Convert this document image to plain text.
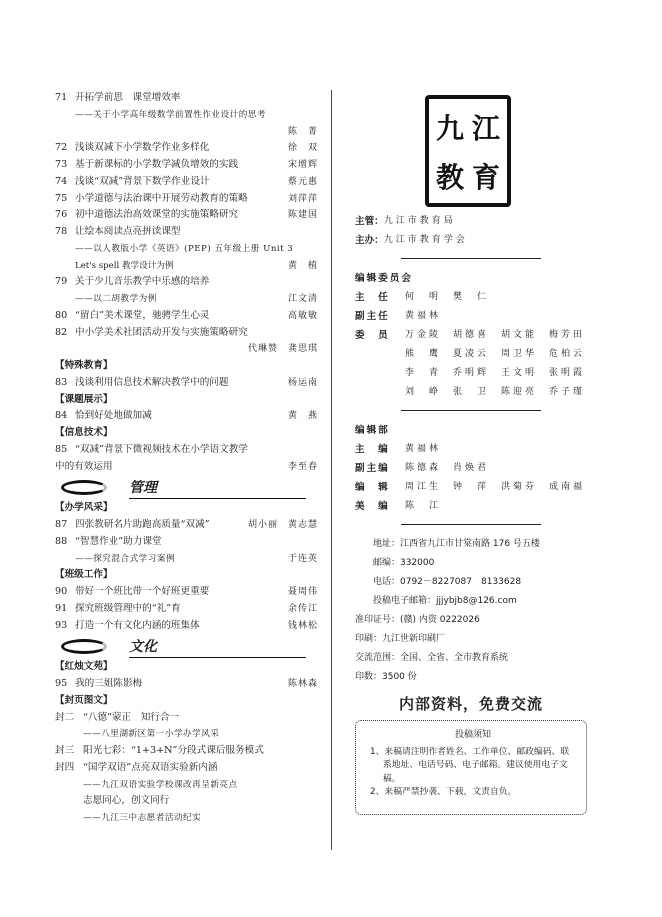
71 开拓学前思　课堂增效率
——关于小学高年级数学前置性作业设计的思考
陈　菁
72 浅谈双减下小学数学作业多样化	徐　双
73 基于新课标的小学数学减负增效的实践	宋增辉
74 浅谈“双减”背景下数学作业设计	蔡元惠
75 小学道德与法治课中开展劳动教育的策略	刘萍萍
76 初中道德法治高效课堂的实施策略研究	陈建国
78 让绘本阅读点亮拼读课型
——以人教版小学《英语》(PEP) 五年级上册 Unit 3
Let's spell 教学设计为例	黄　植
79 关于少儿音乐教学中乐感的培养
——以二胡教学为例	江文清
80 “留白”美术课堂，驰骋学生心灵	高敏敏
82 中小学美术社团活动开发与实施策略研究
代琳赞　龚思琪
【特殊教育】
83 浅谈利用信息技术解决教学中的问题	杨运南
【课题展示】
84 恰到好处地做加减	黄　燕
【信息技术】
85 “双减”背景下微视频技术在小学语文教学
中的有效运用	李至春
管理
【办学风采】
87 四张教研名片助跑高质量“双减”	胡小丽　黄志慧
88 “智慧作业”助力课堂
——探究混合式学习案例	于连英
【班级工作】
90 带好一个班比带一个好班更重要	聂周伟
91 探究班级管理中的“礼”育	余传江
93 打造一个有文化内涵的班集体	钱林松
文化
【红烛文苑】
95 我的三姐陈影梅	陈林森
【封页图文】
封二 “八德”蒙正　知行合一
——八里湖新区第一小学办学风采
封三 阳光七彩：“1+3+N”分段式课后服务模式
封四 “国学双语”点亮双语实验新内涵
——九江双语实验学校课改再呈新亮点
志愿同心，创文同行
——九江三中志愿者活动纪实
九 江
教 育
主管： 九江市教育局
主办： 九江市教育学会
编辑委员会
主　任	何　明　樊　仁
副主任	黄福林
委　员	万金陵　胡德喜　胡文能　梅芳田
熊　鹰　夏凌云　周卫华　危柏云
李　青　乔明辉　王文明　张明霞
刘　峥　张　卫　陈迎亮　乔子瑾
编辑部
主　编	黄福林
副主编	陈德森　肖焕君
编　辑	周江生　钟　萍　洪菊芬　成南福
美　编	陈　江
地址：江西省九江市甘棠南路 176 号五楼
邮编：332000
电话：0792－8227087　8133628
投稿电子邮箱：jjjybjb8@126.com
准印证号：(赣) 内资 0222026
印刷：九江世新印刷厂
交流范围：全国、全省、全市教育系统
印数：3500 份
内部资料，免费交流
投稿须知

1、来稿请注明作者姓名、工作单位、邮政编码、联系地址、电话号码、电子邮箱。建议使用电子文稿。

2、来稿严禁抄袭、下载，文责自负。
